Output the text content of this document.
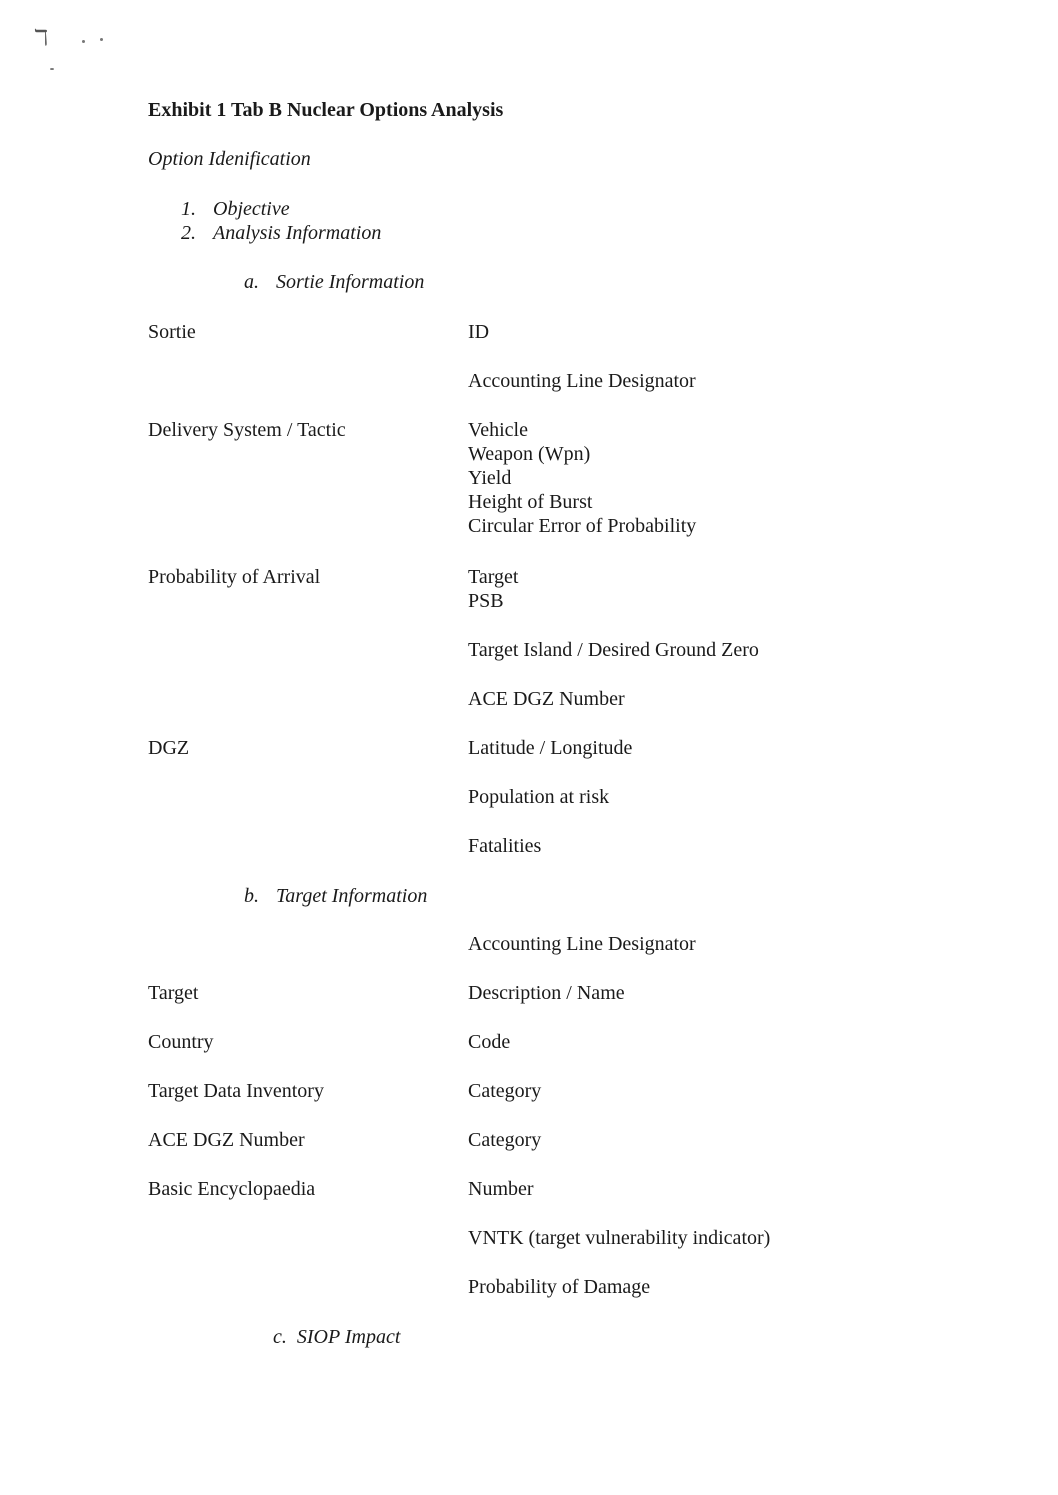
ℸ
Exhibit 1 Tab B Nuclear Options Analysis
Option Idenification
1. Objective
2. Analysis Information
a. Sortie Information
Sortie	ID
Accounting Line Designator
Delivery System / Tactic	Vehicle
Weapon (Wpn)
Yield
Height of Burst
Circular Error of Probability
Probability of Arrival	Target
PSB
Target Island / Desired Ground Zero
ACE DGZ Number
DGZ	Latitude / Longitude
Population at risk
Fatalities
b. Target Information
Accounting Line Designator
Target	Description / Name
Country	Code
Target Data Inventory	Category
ACE DGZ Number	Category
Basic Encyclopaedia	Number
VNTK (target vulnerability indicator)
Probability of Damage
c. SIOP Impact
